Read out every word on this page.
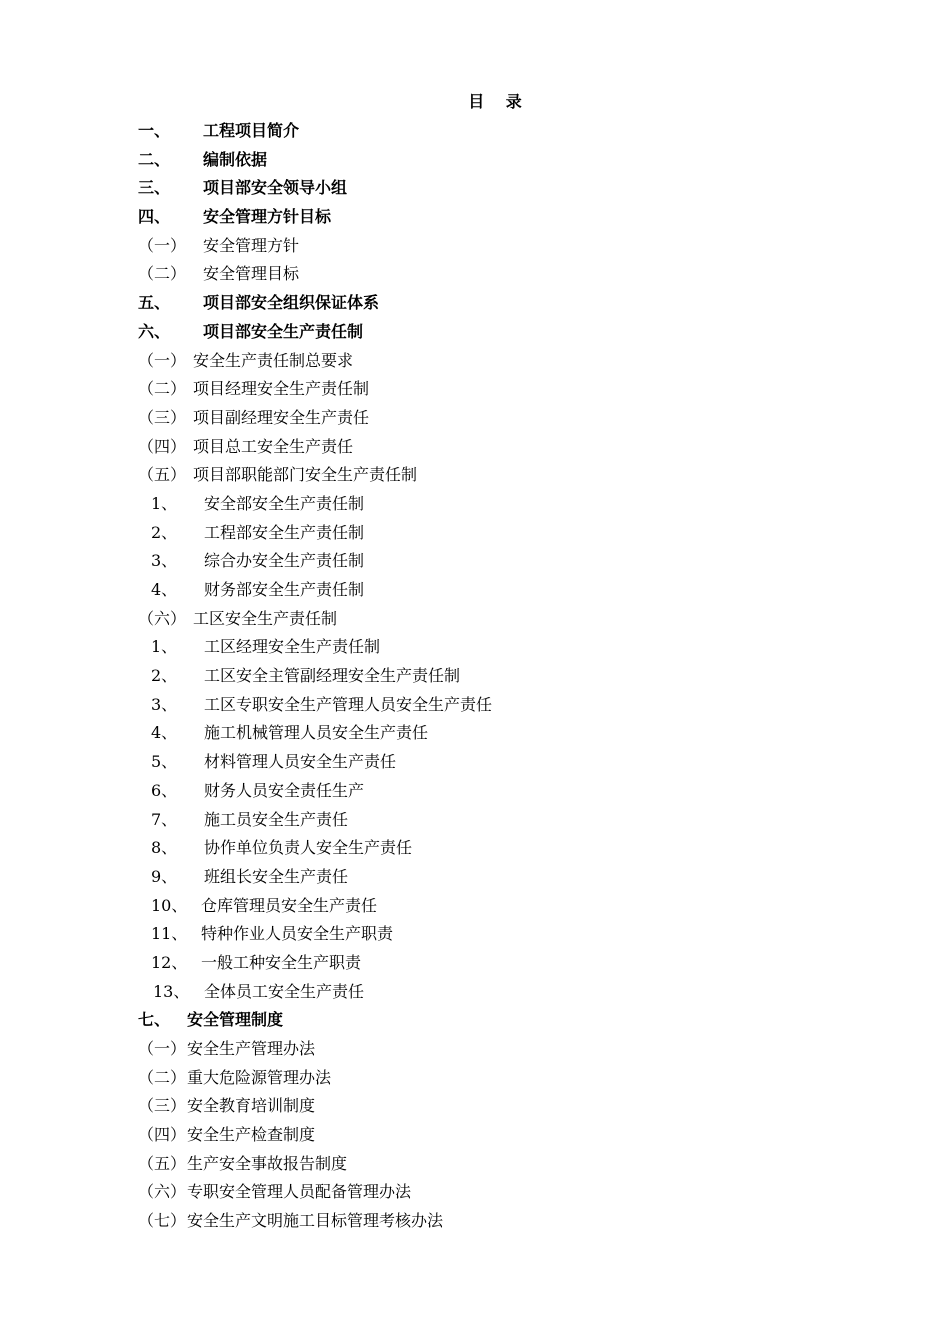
目 录
一、 工程项目简介
二、 编制依据
三、 项目部安全领导小组
四、 安全管理方针目标
（一） 安全管理方针
（二） 安全管理目标
五、 项目部安全组织保证体系
六、 项目部安全生产责任制
（一） 安全生产责任制总要求
（二） 项目经理安全生产责任制
（三） 项目副经理安全生产责任
（四） 项目总工安全生产责任
（五） 项目部职能部门安全生产责任制
1、 安全部安全生产责任制
2、 工程部安全生产责任制
3、 综合办安全生产责任制
4、 财务部安全生产责任制
（六） 工区安全生产责任制
1、 工区经理安全生产责任制
2、 工区安全主管副经理安全生产责任制
3、 工区专职安全生产管理人员安全生产责任
4、 施工机械管理人员安全生产责任
5、 材料管理人员安全生产责任
6、 财务人员安全责任生产
7、 施工员安全生产责任
8、 协作单位负责人安全生产责任
9、 班组长安全生产责任
10、 仓库管理员安全生产责任
11、 特种作业人员安全生产职责
12、 一般工种安全生产职责
13、 全体员工安全生产责任
七、 安全管理制度
（一） 安全生产管理办法
（二） 重大危险源管理办法
（三） 安全教育培训制度
（四） 安全生产检查制度
（五） 生产安全事故报告制度
（六） 专职安全管理人员配备管理办法
（七） 安全生产文明施工目标管理考核办法
